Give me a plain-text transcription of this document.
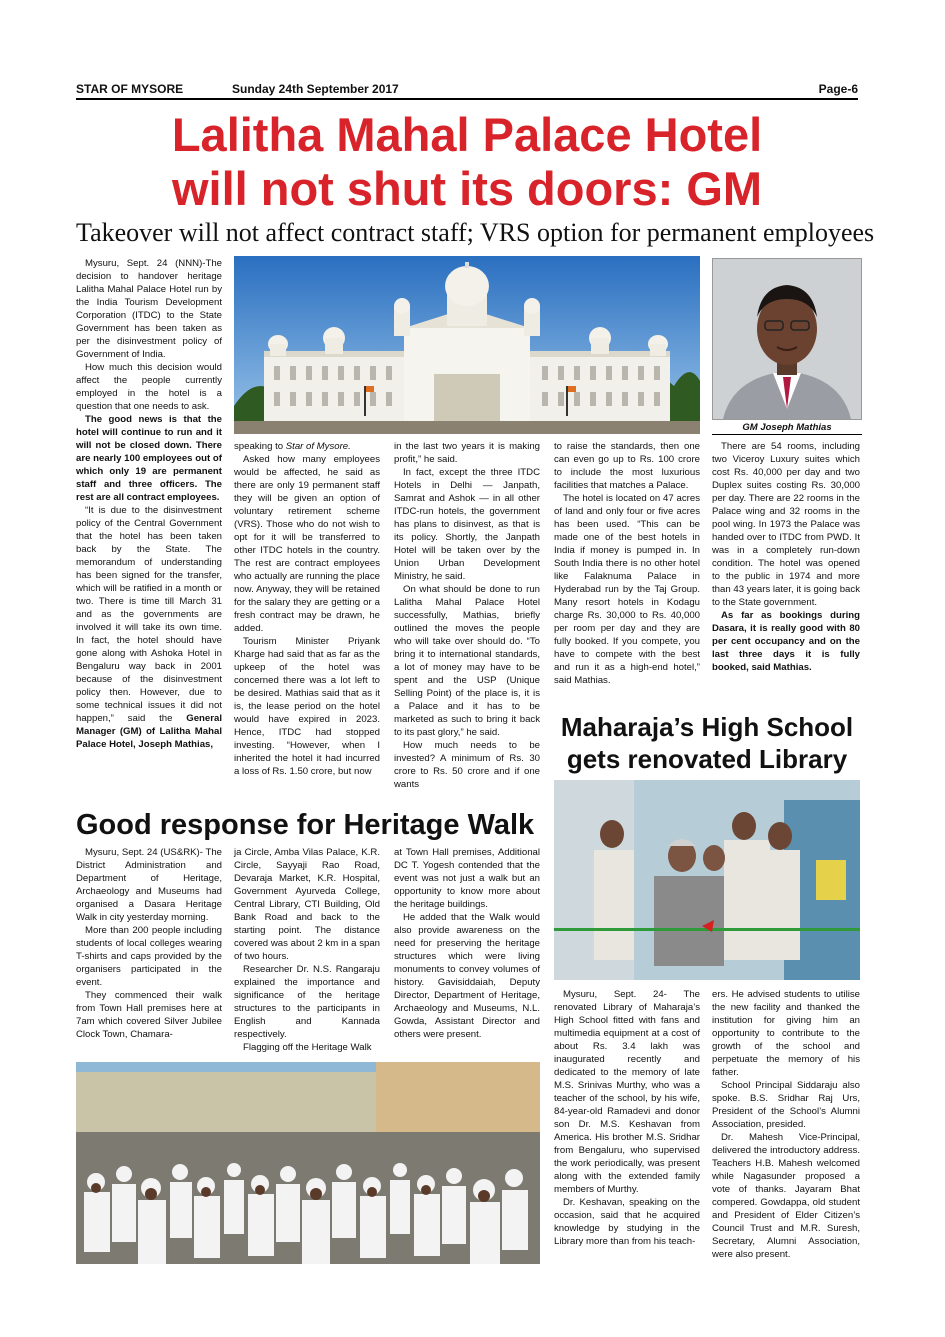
STAR OF MYSORE	Sunday 24th September 2017	Page-6
Lalitha Mahal Palace Hotel
will not shut its doors: GM
Takeover will not affect contract staff; VRS option for permanent employees
GM Joseph Mathias

Mysuru, Sept. 24 (NNN)-The decision to handover heritage Lalitha Mahal Palace Hotel run by the India Tourism Development Corporation (ITDC) to the State Government has been taken as per the disinvestment policy of Government of India.

How much this decision would affect the people currently employed in the hotel is a question that one needs to ask.

The good news is that the hotel will continue to run and it will not be closed down. There are nearly 100 employees out of which only 19 are permanent staff and three officers. The rest are all contract employees.

“It is due to the disinvestment policy of the Central Government that the hotel has been taken back by the State. The memorandum of understanding has been signed for the transfer, which will be ratified in a month or two. There is time till March 31 and as the governments are involved it will take its own time. In fact, the hotel should have gone along with Ashoka Hotel in Bengaluru way back in 2001 because of the disinvestment policy then. However, due to some technical issues it did not happen,” said the General Manager (GM) of Lalitha Mahal Palace Hotel, Joseph Mathias,

speaking to Star of Mysore.

Asked how many employees would be affected, he said as there are only 19 permanent staff they will be given an option of voluntary retirement scheme (VRS). Those who do not wish to opt for it will be transferred to other ITDC hotels in the country. The rest are contract employees who actually are running the place now. Anyway, they will be retained for the salary they are getting or a fresh contract may be drawn, he added.

Tourism Minister Priyank Kharge had said that as far as the upkeep of the hotel was concerned there was a lot left to be desired. Mathias said that as it is, the lease period on the hotel would have expired in 2023. Hence, ITDC had stopped investing. “However, when I inherited the hotel it had incurred a loss of Rs. 1.50 crore, but now

in the last two years it is making profit,” he said.

In fact, except the three ITDC Hotels in Delhi — Janpath, Samrat and Ashok — in all other ITDC-run hotels, the government has plans to disinvest, as that is its policy. Shortly, the Janpath Hotel will be taken over by the Union Urban Development Ministry, he said.

On what should be done to run Lalitha Mahal Palace Hotel successfully, Mathias, briefly outlined the moves the people who will take over should do. “To bring it to international standards, a lot of money may have to be spent and the USP (Unique Selling Point) of the place is, it is a Palace and it has to be marketed as such to bring it back to its past glory,” he said.

How much needs to be invested? A minimum of Rs. 30 crore to Rs. 50 crore and if one wants

to raise the standards, then one can even go up to Rs. 100 crore to include the most luxurious facilities that matches a Palace.

The hotel is located on 47 acres of land and only four or five acres has been used. “This can be made one of the best hotels in India if money is pumped in. In South India there is no other hotel like Falaknuma Palace in Hyderabad run by the Taj Group. Many resort hotels in Kodagu charge Rs. 30,000 to Rs. 40,000 per room per day and they are fully booked. If you compete, you have to compete with the best and run it as a high-end hotel,” said Mathias.

There are 54 rooms, including two Viceroy Luxury suites which cost Rs. 40,000 per day and two Duplex suites costing Rs. 30,000 per day. There are 22 rooms in the Palace wing and 32 rooms in the pool wing. In 1973 the Palace was handed over to ITDC from PWD. It was in a completely run-down condition. The hotel was opened to the public in 1974 and more than 43 years later, it is going back to the State government.

As far as bookings during Dasara, it is really good with 80 per cent occupancy and on the last three days it is fully booked, said Mathias.

Good response for Heritage Walk

Mysuru, Sept. 24 (US&RK)- The District Administration and Department of Heritage, Archaeology and Museums had organised a Dasara Heritage Walk in city yesterday morning.

More than 200 people including students of local colleges wearing T-shirts and caps provided by the organisers participated in the event.

They commenced their walk from Town Hall premises here at 7am which covered Silver Jubilee Clock Town, Chamara-

ja Circle, Amba Vilas Palace, K.R. Circle, Sayyaji Rao Road, Devaraja Market, K.R. Hospital, Government Ayurveda College, Central Library, CTI Building, Old Bank Road and back to the starting point. The distance covered was about 2 km in a span of two hours.

Researcher Dr. N.S. Rangaraju explained the importance and significance of the heritage structures to the participants in English and Kannada respectively.

Flagging off the Heritage Walk

at Town Hall premises, Additional DC T. Yogesh contended that the event was not just a walk but an opportunity to know more about the heritage buildings.

He added that the Walk would also provide awareness on the need for preserving the heritage structures which were living monuments to convey volumes of history. Gavisiddaiah, Deputy Director, Department of Heritage, Archaeology and Museums, N.L. Gowda, Assistant Director and others were present.

Maharaja’s High School
gets renovated Library

Mysuru, Sept. 24- The renovated Library of Maharaja’s High School fitted with fans and multimedia equipment at a cost of about Rs. 3.4 lakh was inaugurated recently and dedicated to the memory of late M.S. Srinivas Murthy, who was a teacher of the school, by his wife, 84-year-old Ramadevi and donor son Dr. M.S. Keshavan from America. His brother M.S. Sridhar from Bengaluru, who supervised the work periodically, was present along with the extended family members of Murthy.

Dr. Keshavan, speaking on the occasion, said that he acquired knowledge by studying in the Library more than from his teach-

ers. He advised students to utilise the new facility and thanked the institution for giving him an opportunity to contribute to the growth of the school and perpetuate the memory of his father.

School Principal Siddaraju also spoke. B.S. Sridhar Raj Urs, President of the School’s Alumni Association, presided.

Dr. Mahesh Vice-Principal, delivered the introductory address. Teachers H.B. Mahesh welcomed while Nagasunder proposed a vote of thanks. Jayaram Bhat compered. Gowdappa, old student and President of Elder Citizen’s Council Trust and M.R. Suresh, Secretary, Alumni Association, were also present.
